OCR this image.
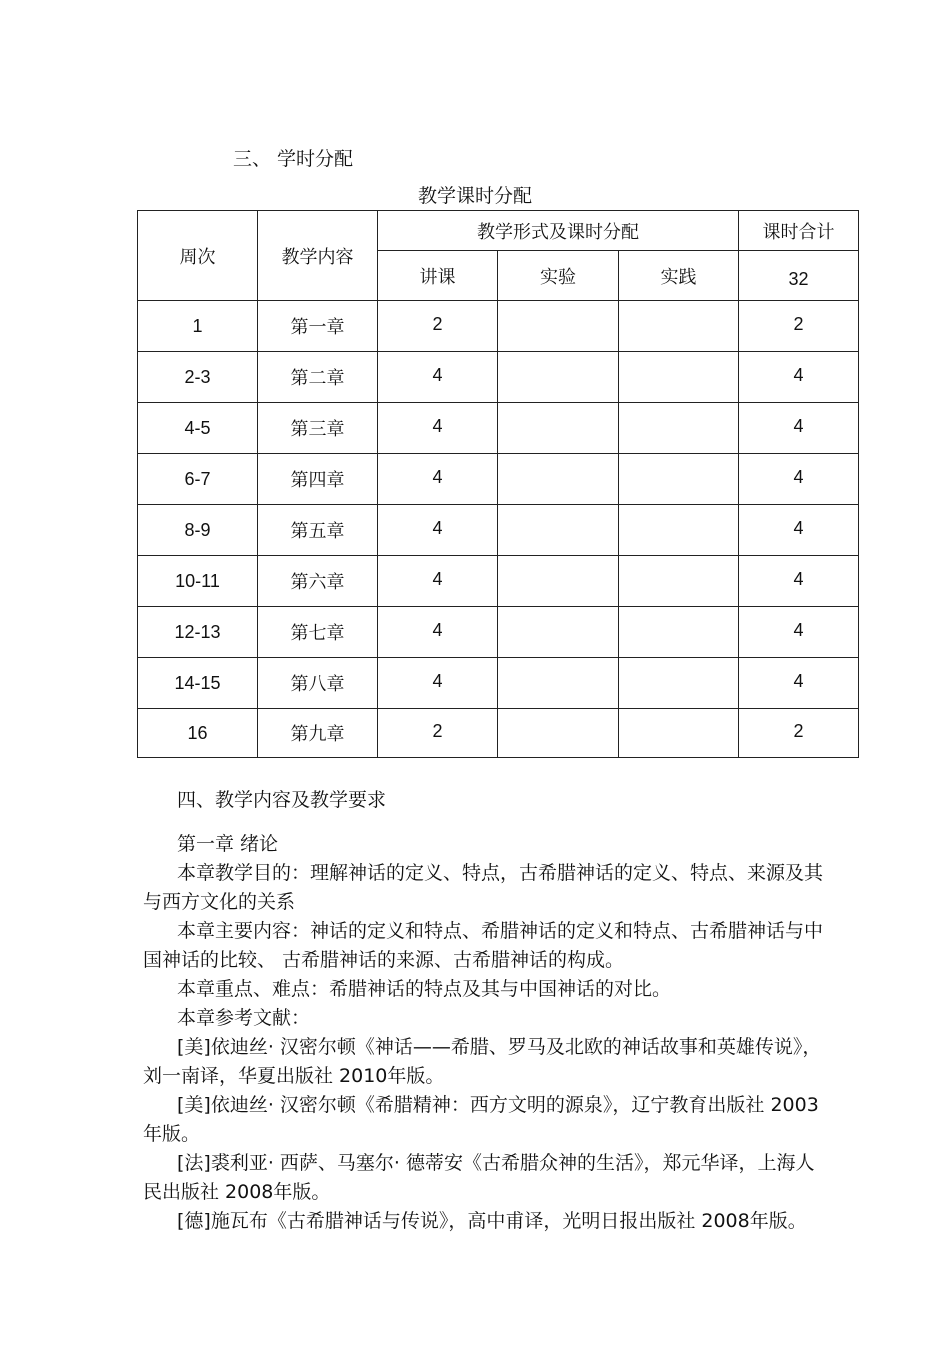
三、 学时分配
教学课时分配
周次	教学内容	教学形式及课时分配			课时合计
		讲课	实验	实践	32
1	第一章	2			2
2-3	第二章	4			4
4-5	第三章	4			4
6-7	第四章	4			4
8-9	第五章	4			4
10-11	第六章	4			4
12-13	第七章	4			4
14-15	第八章	4			4
16	第九章	2			2
四、教学内容及教学要求

第一章 绪论

本章教学目的：理解神话的定义、特点，古希腊神话的定义、特点、来源及其与西方文化的关系

本章主要内容：神话的定义和特点、希腊神话的定义和特点、古希腊神话与中国神话的比较、 古希腊神话的来源、古希腊神话的构成。

本章重点、难点：希腊神话的特点及其与中国神话的对比。

本章参考文献：

[美]依迪丝· 汉密尔顿《神话——希腊、罗马及北欧的神话故事和英雄传说》，刘一南译，华夏出版社 2010年版。

[美]依迪丝· 汉密尔顿《希腊精神：西方文明的源泉》，辽宁教育出版社 2003年版。

[法]裘利亚· 西萨、马塞尔· 德蒂安《古希腊众神的生活》，郑元华译，上海人民出版社 2008年版。

[德]施瓦布《古希腊神话与传说》，高中甫译，光明日报出版社 2008年版。
